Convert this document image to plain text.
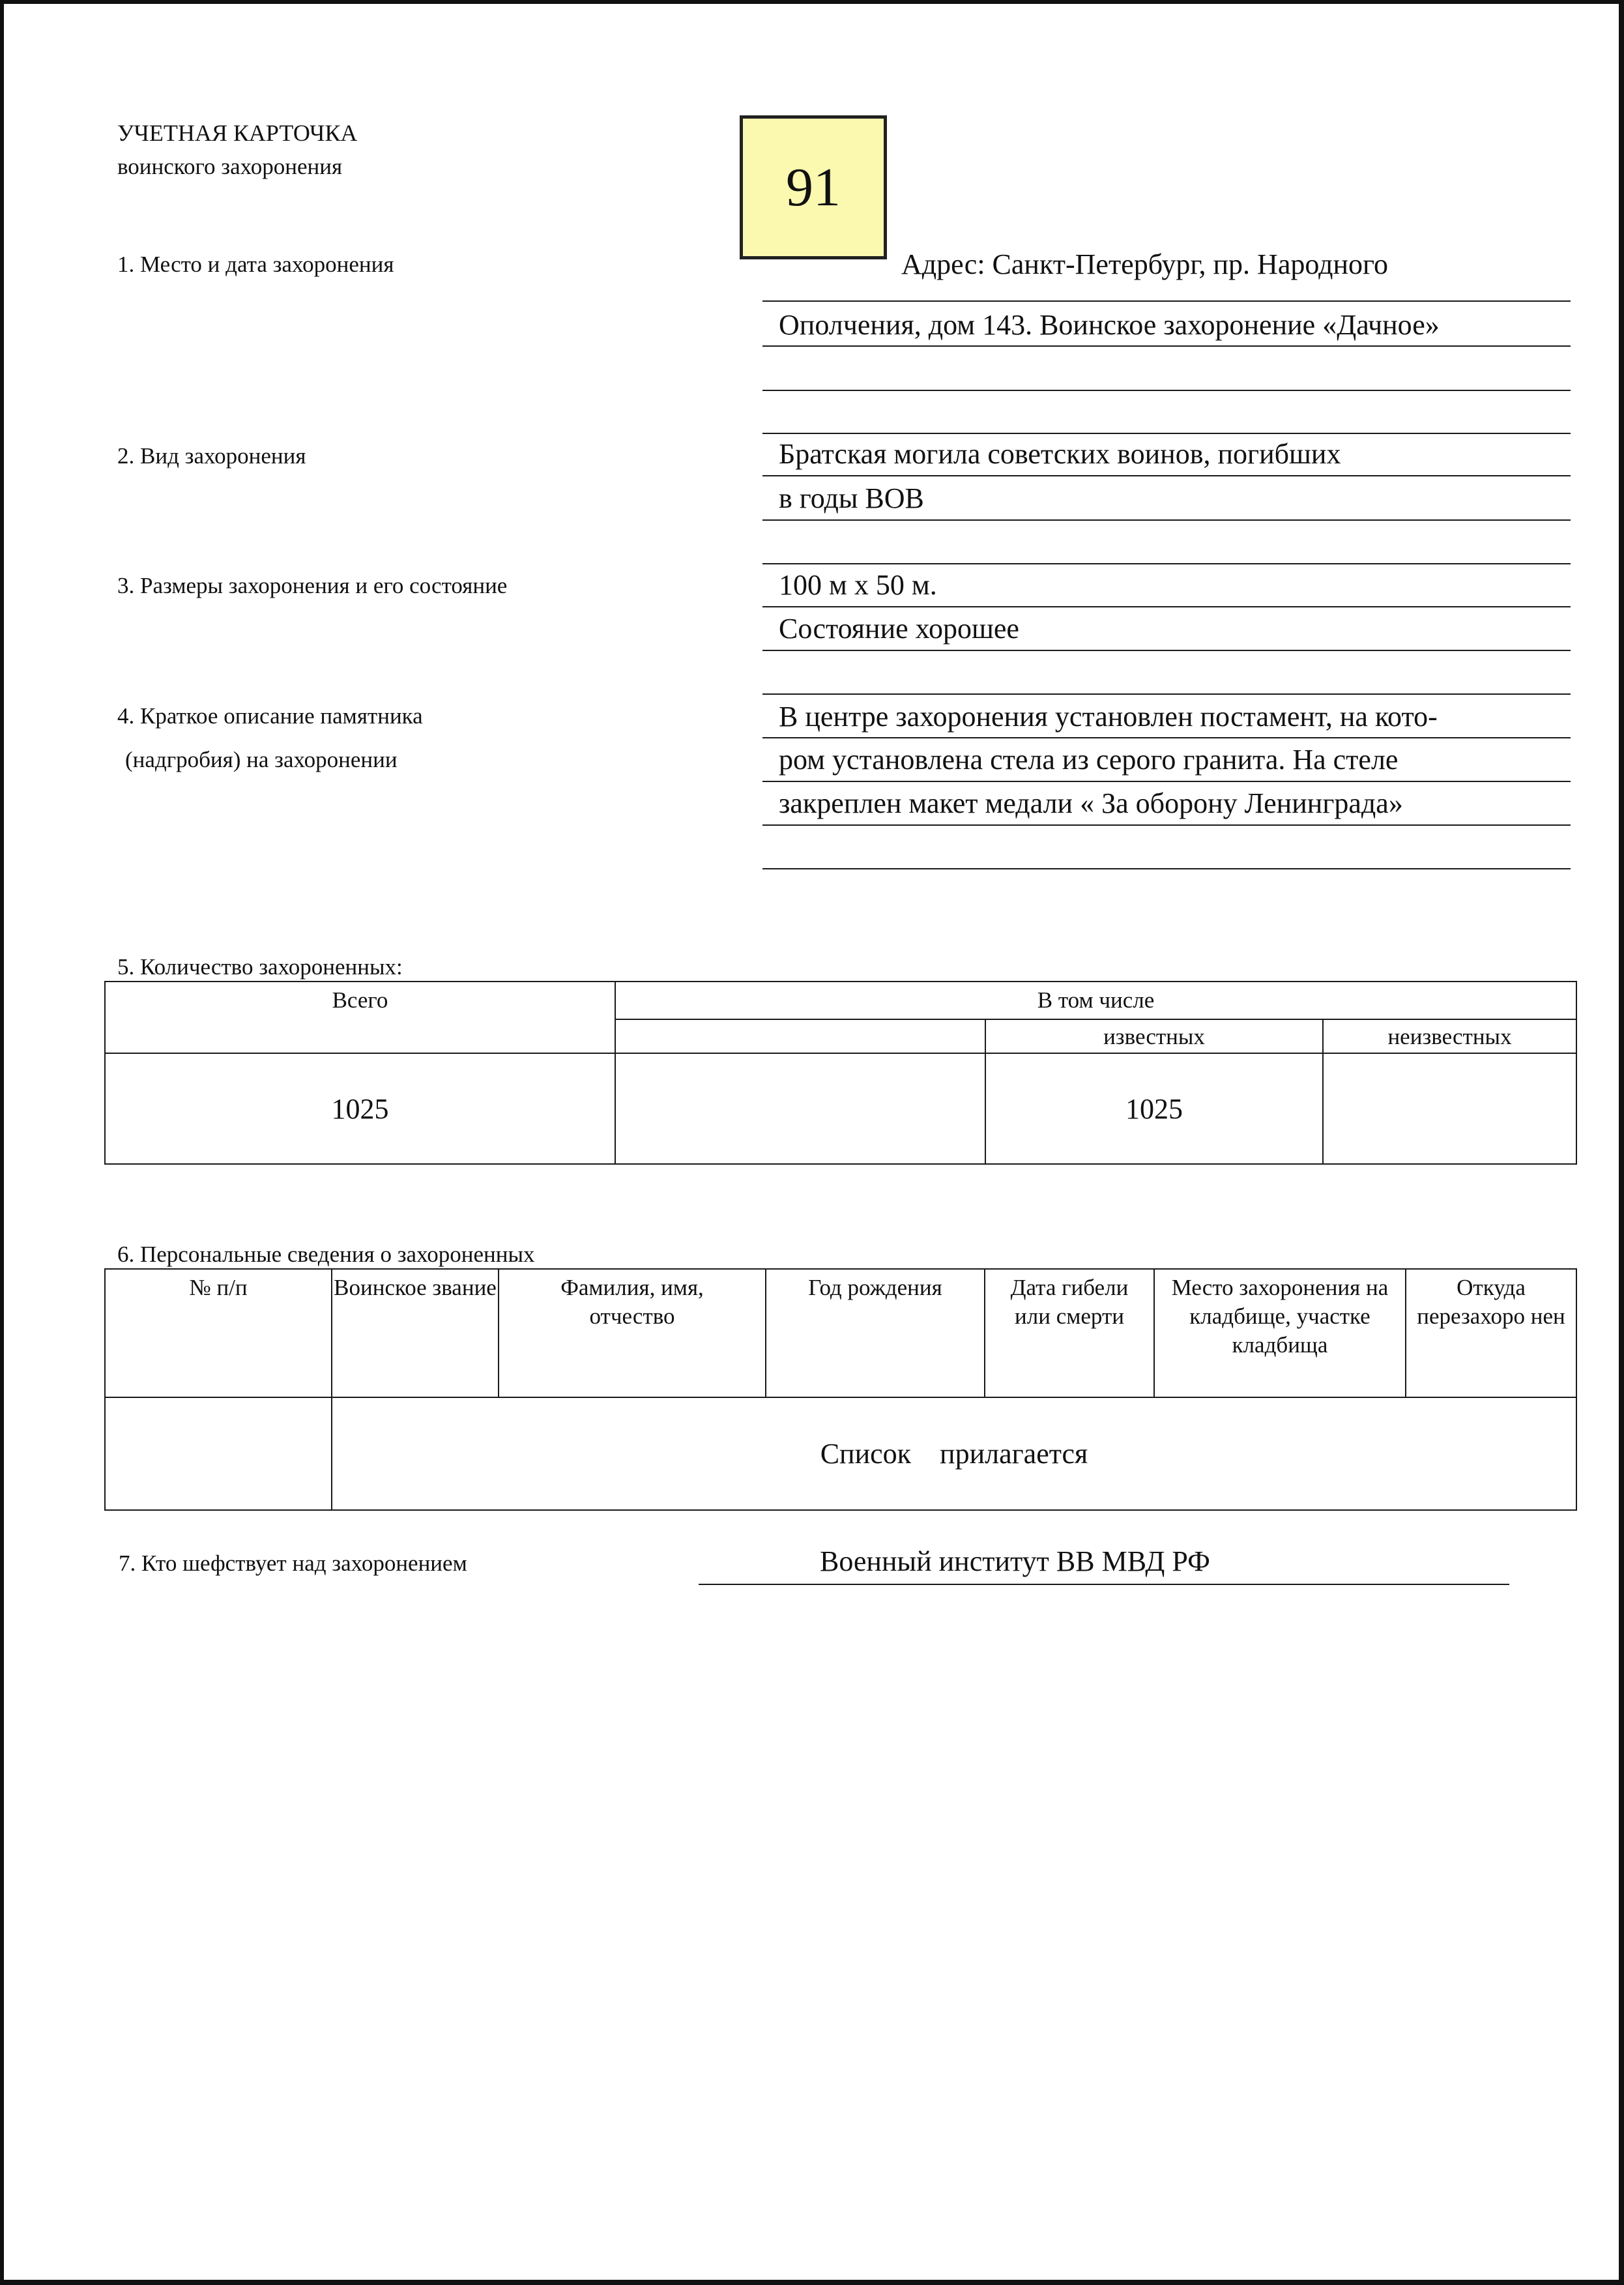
УЧЕТНАЯ КАРТОЧКА
воинского захоронения	91
1. Место и дата захоронения	Адрес: Санкт-Петербург, пр. Народного
Ополчения, дом 143. Воинское захоронение «Дачное»
2. Вид захоронения	Братская могила советских воинов, погибших
в годы ВОВ
3. Размеры захоронения и его состояние	100 м х 50 м.
Состояние хорошее
4. Краткое описание памятника
(надгробия) на захоронении
В центре захоронения установлен постамент, на кото-
ром установлена стела из серого гранита. На стеле
закреплен макет медали « За оборону Ленинграда»
5. Количество захороненных:
Всего	В том числе		

		известных	неизвестных

1025		1025	
6. Персональные сведения о захороненных
№ п/п	Воинское звание	Фамилия, имя, отчество	Год рождения	Дата гибели или смерти	Место захоронения на кладбище, участке кладбища	Откуда перезахоро нен

	Список    прилагается					
7. Кто шефствует над захоронением	Военный институт ВВ МВД РФ
